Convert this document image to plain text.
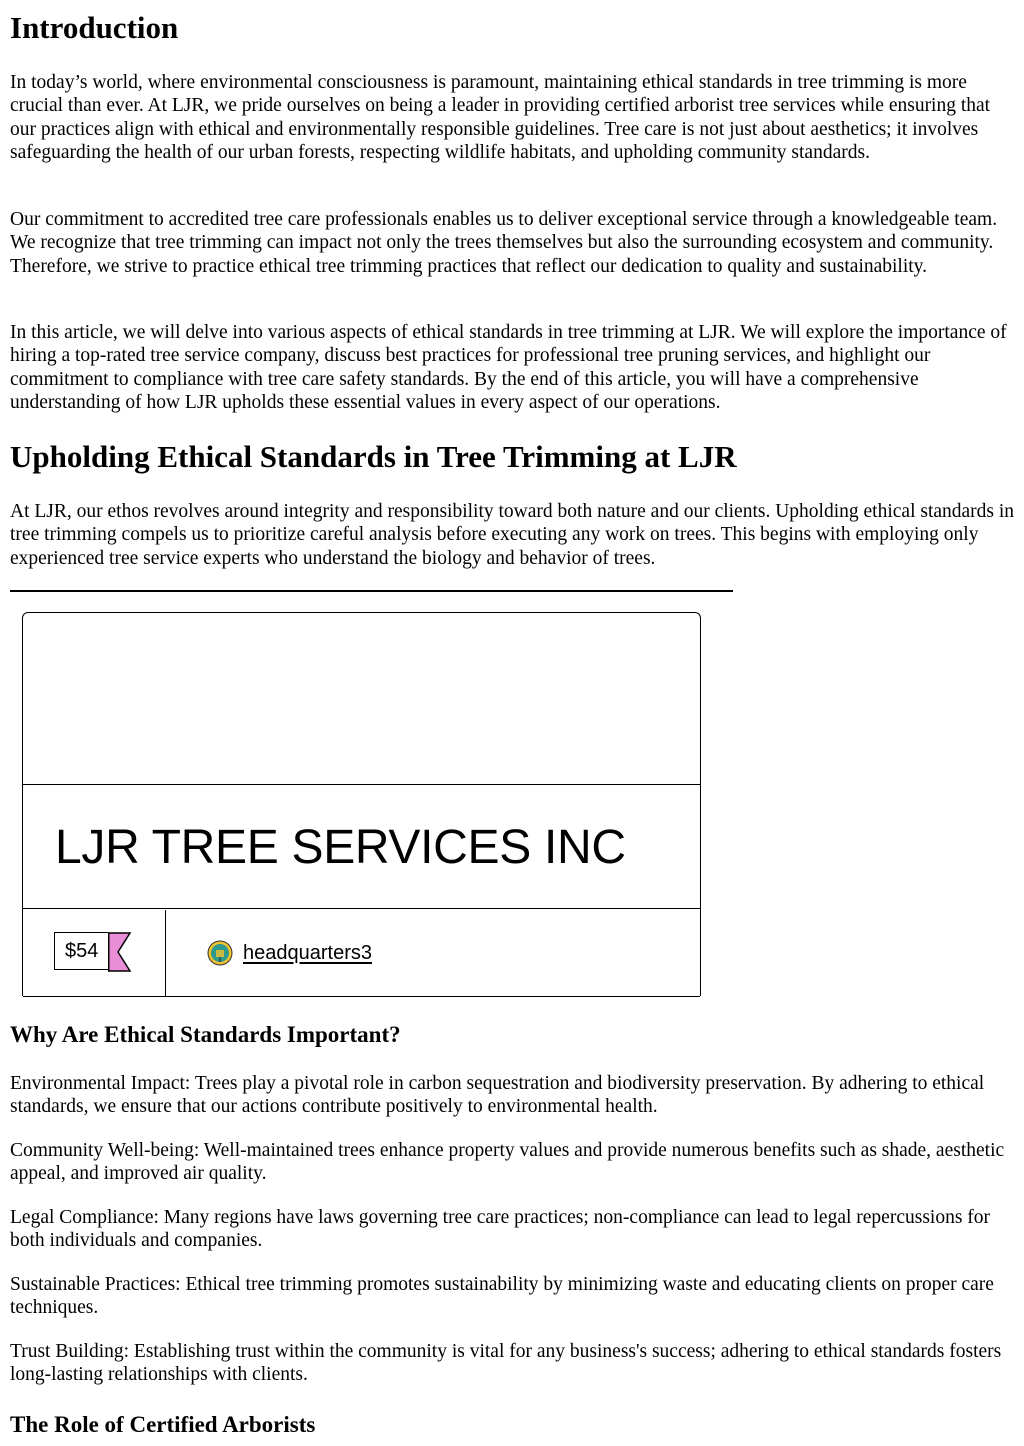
Introduction

In today’s world, where environmental consciousness is paramount, maintaining ethical standards in tree trimming is more crucial than ever. At LJR, we pride ourselves on being a leader in providing certified arborist tree services while ensuring that our practices align with ethical and environmentally responsible guidelines. Tree care is not just about aesthetics; it involves safeguarding the health of our urban forests, respecting wildlife habitats, and upholding community standards.

Our commitment to accredited tree care professionals enables us to deliver exceptional service through a knowledgeable team. We recognize that tree trimming can impact not only the trees themselves but also the surrounding ecosystem and community. Therefore, we strive to practice ethical tree trimming practices that reflect our dedication to quality and sustainability.

In this article, we will delve into various aspects of ethical standards in tree trimming at LJR. We will explore the importance of hiring a top-rated tree service company, discuss best practices for professional tree pruning services, and highlight our commitment to compliance with tree care safety standards. By the end of this article, you will have a comprehensive understanding of how LJR upholds these essential values in every aspect of our operations.

Upholding Ethical Standards in Tree Trimming at LJR

At LJR, our ethos revolves around integrity and responsibility toward both nature and our clients. Upholding ethical standards in tree trimming compels us to prioritize careful analysis before executing any work on trees. This begins with employing only experienced tree service experts who understand the biology and behavior of trees.

LJR TREE SERVICES INC
$54	headquarters3
Why Are Ethical Standards Important?

Environmental Impact: Trees play a pivotal role in carbon sequestration and biodiversity preservation. By adhering to ethical standards, we ensure that our actions contribute positively to environmental health.

Community Well-being: Well-maintained trees enhance property values and provide numerous benefits such as shade, aesthetic appeal, and improved air quality.

Legal Compliance: Many regions have laws governing tree care practices; non-compliance can lead to legal repercussions for both individuals and companies.

Sustainable Practices: Ethical tree trimming promotes sustainability by minimizing waste and educating clients on proper care techniques.

Trust Building: Establishing trust within the community is vital for any business's success; adhering to ethical standards fosters long-lasting relationships with clients.

The Role of Certified Arborists
